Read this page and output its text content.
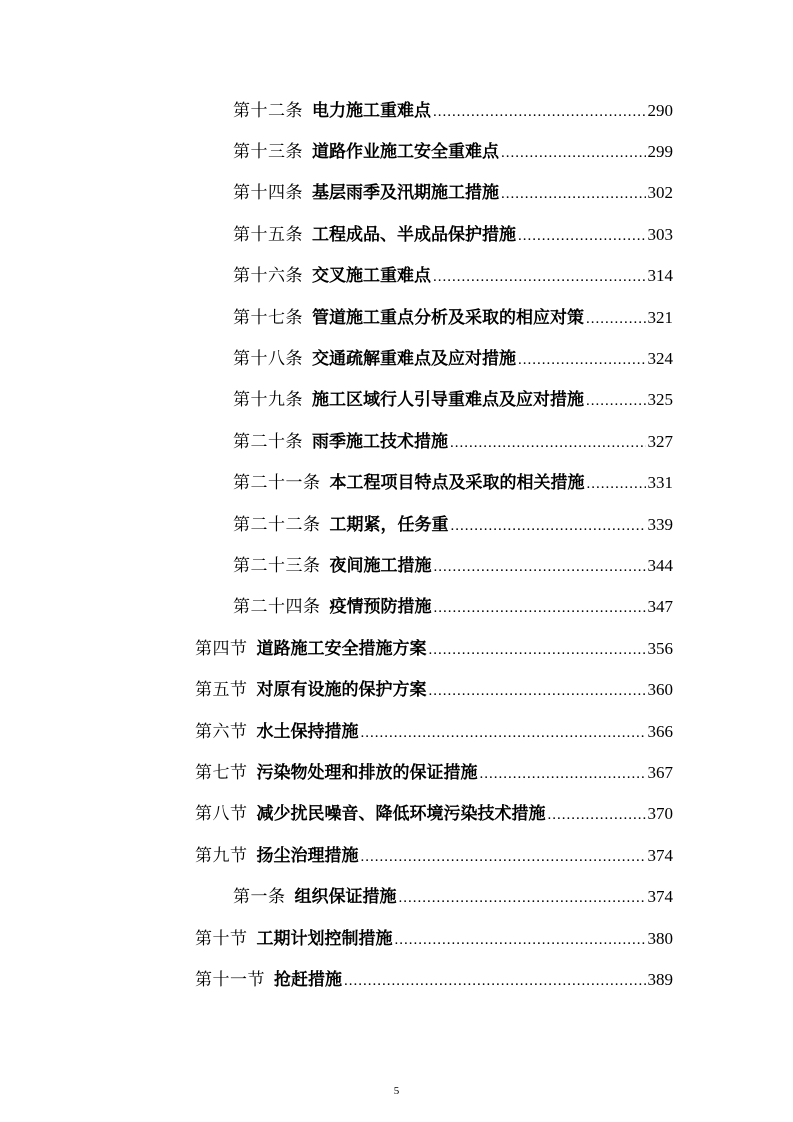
第十二条 电力施工重难点 .....	290
第十三条 道路作业施工安全重难点 .....	299
第十四条 基层雨季及汛期施工措施 .....	302
第十五条 工程成品、半成品保护措施 .....	303
第十六条 交叉施工重难点 .....	314
第十七条 管道施工重点分析及采取的相应对策 .....	321
第十八条 交通疏解重难点及应对措施 .....	324
第十九条 施工区域行人引导重难点及应对措施 .....	325
第二十条 雨季施工技术措施 .....	327
第二十一条 本工程项目特点及采取的相关措施 .....	331
第二十二条 工期紧，任务重 .....	339
第二十三条 夜间施工措施 .....	344
第二十四条 疫情预防措施 .....	347
第四节 道路施工安全措施方案 .....	356
第五节 对原有设施的保护方案 .....	360
第六节 水土保持措施 .....	366
第七节 污染物处理和排放的保证措施 .....	367
第八节 减少扰民噪音、降低环境污染技术措施 .....	370
第九节 扬尘治理措施 .....	374
第一条 组织保证措施 .....	374
第十节 工期计划控制措施 .....	380
第十一节 抢赶措施 .....	389
5
